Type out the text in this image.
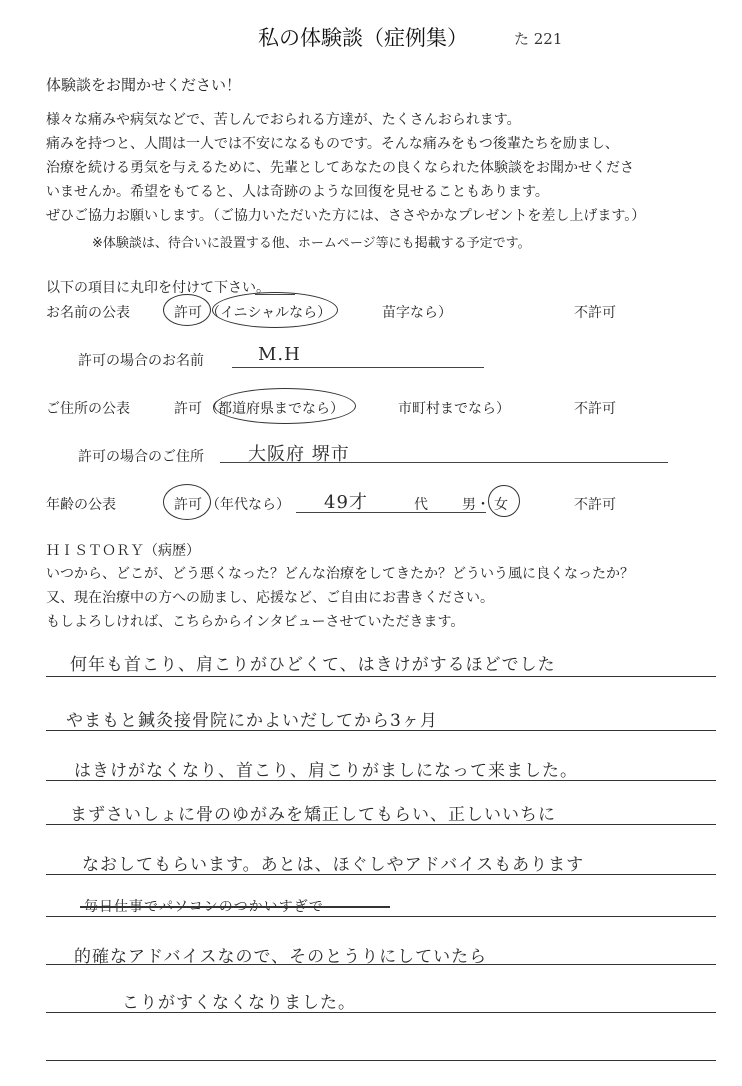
私の体験談（症例集）	た 221
体験談をお聞かせください！
様々な痛みや病気などで、苦しんでおられる方達が、たくさんおられます。
痛みを持つと、人間は一人では不安になるものです。そんな痛みをもつ後輩たちを励まし、
治療を続ける勇気を与えるために、先輩としてあなたの良くなられた体験談をお聞かせくださ
いませんか。希望をもてると、人は奇跡のような回復を見せることもあります。
ぜひご協力お願いします。（ご協力いただいた方には、ささやかなプレゼントを差し上げます。）
※体験談は、待合いに設置する他、ホームページ等にも掲載する予定です。
以下の項目に丸印を付けて下さい。
お名前の公表	許可 （イニシャルなら）	苗字なら）	不許可
許可の場合のお名前	M.H
ご住所の公表	許可 （都道府県までなら）	市町村までなら）	不許可
許可の場合のご住所 大阪府 堺市
年齢の公表	許可 （年代なら） 49才	代 男・ 女	不許可
ＨＩＳＴＯＲＹ（病歴）
いつから、どこが、どう悪くなった？どんな治療をしてきたか？どういう風に良くなったか？
又、現在治療中の方への励まし、応援など、ご自由にお書きください。
もしよろしければ、こちらからインタビューさせていただきます。
何年も首こり、肩こりがひどくて、はきけがするほどでした
やまもと鍼灸接骨院にかよいだしてから3ヶ月
はきけがなくなり、首こり、肩こりがましになって来ました。
まずさいしょに骨のゆがみを矯正してもらい、正しいいちに
なおしてもらいます。あとは、ほぐしやアドバイスもあります
毎日仕事でパソコンのつかいすぎで
的確なアドバイスなので、そのとうりにしていたら
こりがすくなくなりました。
